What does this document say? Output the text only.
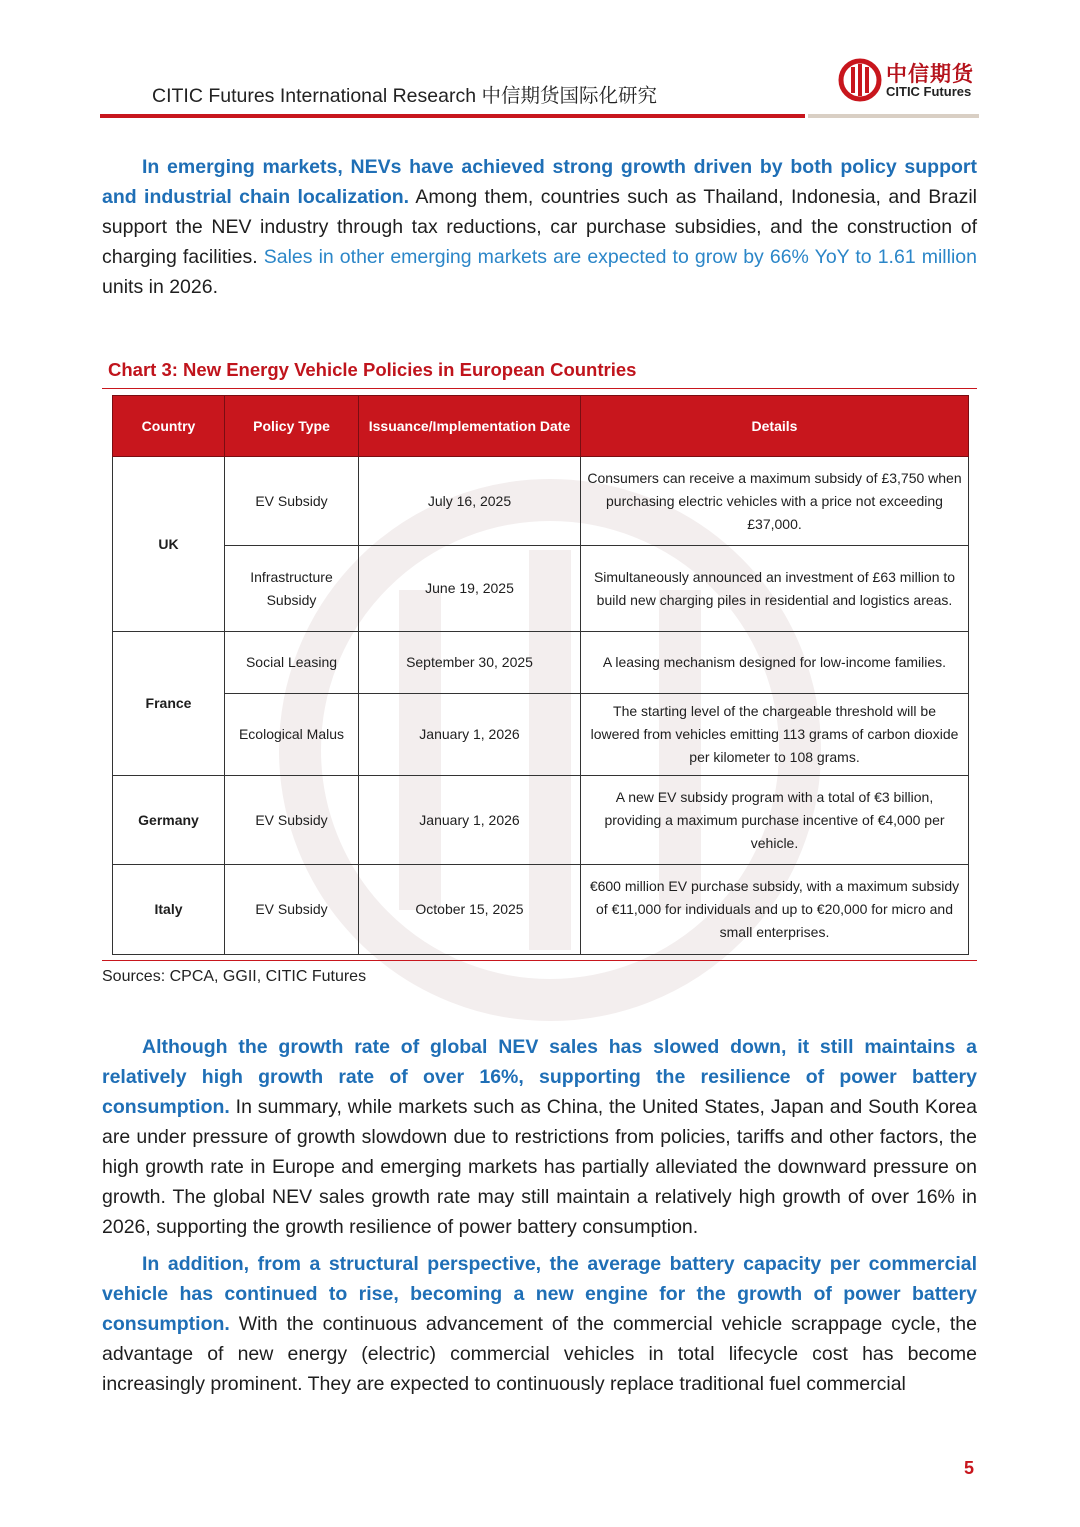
CITIC Futures International Research 中信期货国际化研究
中信期货
CITIC Futures
In emerging markets, NEVs have achieved strong growth driven by both policy support and industrial chain localization. Among them, countries such as Thailand, Indonesia, and Brazil support the NEV industry through tax reductions, car purchase subsidies, and the construction of charging facilities. Sales in other emerging markets are expected to grow by 66% YoY to 1.61 million units in 2026.
Chart 3: New Energy Vehicle Policies in European Countries
Country	Policy Type	Issuance/Implementation Date	Details
UK	EV Subsidy	July 16, 2025	Consumers can receive a maximum subsidy of £3,750 when purchasing electric vehicles with a price not exceeding £37,000.
	Infrastructure Subsidy	June 19, 2025	Simultaneously announced an investment of £63 million to build new charging piles in residential and logistics areas.
France	Social Leasing	September 30, 2025	A leasing mechanism designed for low-income families.
	Ecological Malus	January 1, 2026	The starting level of the chargeable threshold will be lowered from vehicles emitting 113 grams of carbon dioxide per kilometer to 108 grams.
Germany	EV Subsidy	January 1, 2026	A new EV subsidy program with a total of €3 billion, providing a maximum purchase incentive of €4,000 per vehicle.
Italy	EV Subsidy	October 15, 2025	€600 million EV purchase subsidy, with a maximum subsidy of €11,000 for individuals and up to €20,000 for micro and small enterprises.
Sources: CPCA, GGII, CITIC Futures
Although the growth rate of global NEV sales has slowed down, it still maintains a relatively high growth rate of over 16%, supporting the resilience of power battery consumption. In summary, while markets such as China, the United States, Japan and South Korea are under pressure of growth slowdown due to restrictions from policies, tariffs and other factors, the high growth rate in Europe and emerging markets has partially alleviated the downward pressure on growth. The global NEV sales growth rate may still maintain a relatively high growth of over 16% in 2026, supporting the growth resilience of power battery consumption.
In addition, from a structural perspective, the average battery capacity per commercial vehicle has continued to rise, becoming a new engine for the growth of power battery consumption. With the continuous advancement of the commercial vehicle scrappage cycle, the advantage of new energy (electric) commercial vehicles in total lifecycle cost has become increasingly prominent. They are expected to continuously replace traditional fuel commercial
5
